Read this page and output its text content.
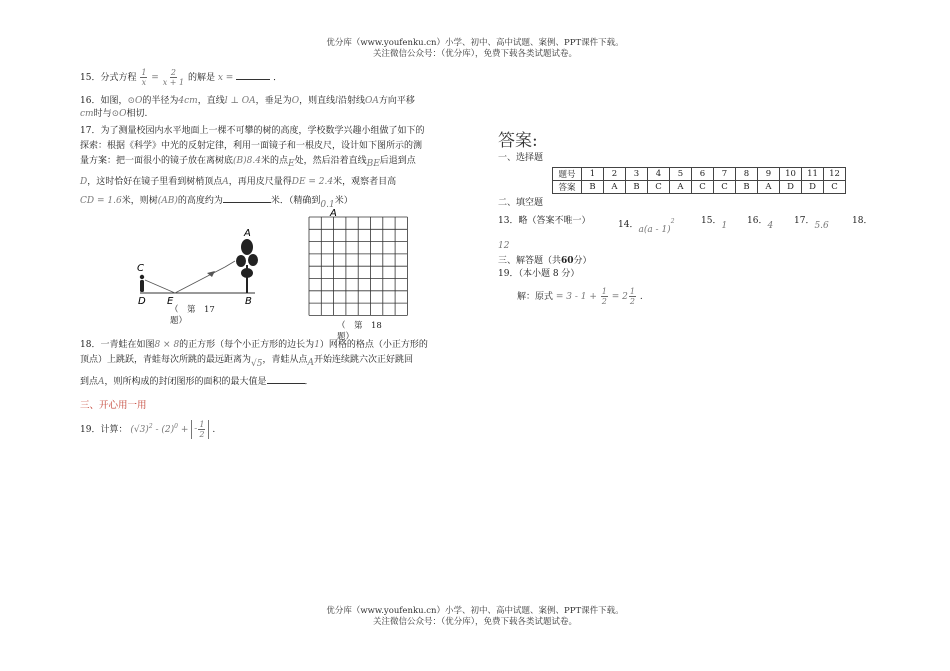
优分库（www.youfenku.cn）小学、初中、高中试题、案例、PPT课件下载。
关注微信公众号：（优分库），免费下载各类试题试卷。
15．分式方程 $\frac{1}{x} = \frac{2}{x + 1}$ 的解是 x =	．
16．如图，⊙O的半径为4cm，直线l ⊥ OA，垂足为O，则直线l沿射线OA方向平移
cm时与⊙O相切.
17．为了测量校园内水平地面上一棵不可攀的树的高度，学校数学兴趣小组做了如下的
探索：根据《科学》中光的反射定律，利用一面镜子和一根皮尺，设计如下图所示的测
量方案：把一面很小的镜子放在离树底(B)8.4米的点E处，然后沿着直线BE后退到点
D，这时恰好在镜子里看到树梢顶点A，再用皮尺量得DE = 2.4米，观察者目高
CD = 1.6米，则树(AB)的高度约为	米．（精确到0.1米）
A
B
C
D E
（　第　17
题）
A
（　第　18
题）
18．一青蛙在如图8 × 8的正方形（每个小正方形的边长为1）网格的格点（小正方形的
顶点）上跳跃，青蛙每次所跳的最远距离为√5，青蛙从点A开始连续跳六次正好跳回
到点A，则所构成的封闭图形的面积的最大值是	．
三、开心用一用
19．计算： $(√3)^2 - (2)^0$ + - $\frac{1}{2}$ .
答案:
一、选择题
题号	1	2	3	4	5	6	7	8	9	10	11	12
答案	B	A	B	C	A	C	C	B	A	D	D	C
二、填空题
13．略（答案不唯一）	14．a(a - 1)$^2$	15．1 16．4 17．5.6	18．
12
三、解答题（共60分）
19．（本小题 8 分）
解：原式 = $3 - 1 + \frac{1}{2} = 2 \frac{1}{2}$ .
优分库（www.youfenku.cn）小学、初中、高中试题、案例、PPT课件下载。
关注微信公众号：（优分库），免费下载各类试题试卷。
